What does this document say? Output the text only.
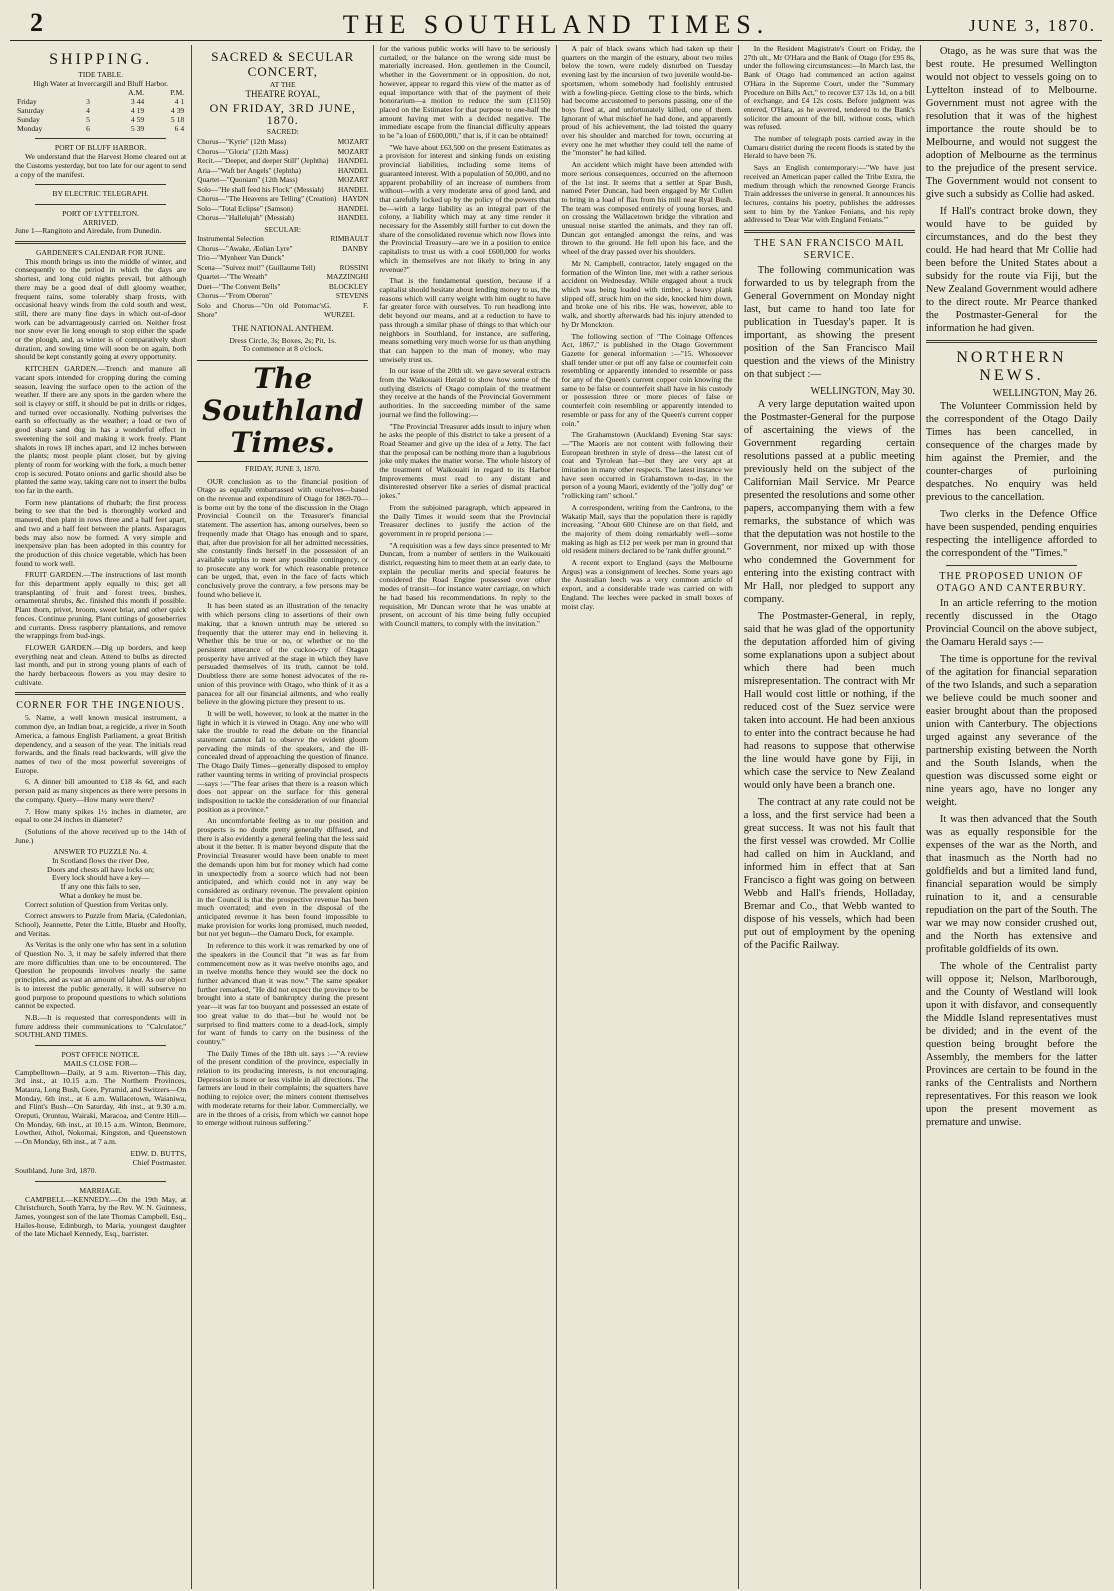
2	THE SOUTHLAND TIMES.	JUNE 3, 1870.
SHIPPING.
TIDE TABLE.
High Water at Invercargill and Bluff Harbor.
		A.M.	P.M.
Friday	3	3 44	4 1
Saturday	4	4 19	4 39
Sunday	5	4 59	5 18
Monday	6	5 39	6 4
PORT OF BLUFF HARBOR.

We understand that the Harvest Home cleared out at the Customs yesterday, but too late for our agent to send a copy of the manifest.

BY ELECTRIC TELEGRAPH.
PORT OF LYTTELTON.
ARRIVED.

June 1—Rangitoto and Airedale, from Dunedin.

GARDENER'S CALENDAR FOR JUNE.

This month brings us into the middle of winter, and consequently to the period in which the days are shortest, and long cold nights prevail, but although there may be a good deal of dull gloomy weather, frequent rains, some tolerably sharp frosts, with occasional heavy winds from the cold south and west, still, there are many fine days in which out-of-door work can be advantageously carried on. Neither frost nor snow ever lie long enough to stop either the spade or the plough, and, as winter is of comparatively short duration, and sowing time will soon be on again, both should be kept constantly going at every opportunity.

KITCHEN GARDEN.—Trench and manure all vacant spots intended for cropping during the coming season, leaving the surface open to the action of the weather. If there are any spots in the garden where the soil is clayey or stiff, it should be put in drills or ridges, and turned over occasionally. Nothing pulverises the earth so effectually as the weather; a load or two of good sharp sand dug in has a wonderful effect in sweetening the soil and making it work freely. Plant shalots in rows 18 inches apart, and 12 inches between the plants; most people plant closer, but by giving plenty of room for working with the fork, a much better crop is secured. Potato onions and garlic should also be planted the same way, taking care not to insert the bulbs too far in the earth.

Form new plantations of rhubarb; the first process being to see that the bed is thoroughly worked and manured, then plant in rows three and a half feet apart, and two and a half feet between the plants. Asparagus beds may also now be formed. A very simple and inexpensive plan has been adopted in this country for the production of this choice vegetable, which has been found to work well.

FRUIT GARDEN.—The instructions of last month for this department apply equally to this; get all transplanting of fruit and forest trees, bushes, ornamental shrubs, &c. finished this month if possible. Plant thorn, privet, broom, sweet briar, and other quick fences. Continue pruning. Plant cuttings of gooseberries and currants. Dress raspberry plantations, and remove the wrappings from bud-ings.

FLOWER GARDEN.—Dig up borders, and keep everything neat and clean. Attend to bulbs as directed last month, and put in strong young plants of each of the hardy herbaceous flowers as you may desire to cultivate.

CORNER FOR THE INGENIOUS.

5. Name, a well known musical instrument, a common dye, an Indian boat, a regicide, a river in South America, a famous English Parliament, a great British dependency, and a season of the year. The initials read forwards, and the finals read backwards, will give the names of two of the most powerful sovereigns of Europe.

6. A dinner bill amounted to £18 4s 6d, and each person paid as many sixpences as there were persons in the company. Query—How many were there?

7. How many spikes 1½ inches in diameter, are equal to one 24 inches in diameter?

(Solutions of the above received up to the 14th of June.)

ANSWER TO PUZZLE No. 4.
In Scotland flows the river Dee,
Doors and chests all have locks on;
Every lock should have a key—
If any one this fails to see,
What a donkey he must be.

Correct solution of Question from Veritas only.

Correct answers to Puzzle from Maria, (Caledonian, School), Jeannette, Peter the Little, Bluebr and Hoofly, and Veritas.

As Veritas is the only one who has sent in a solution of Question No. 3, it may be safely inferred that there are more difficulties than one to be encountered. The Question he propounds involves nearly the same principles, and as vast an amount of labor. As our object is to interest the public generally, it will subserve no good purpose to propound questions to which solutions cannot be expected.

N.B.—It is requested that correspondents will in future address their communications to "Calculator," SOUTHLAND TIMES.

POST OFFICE NOTICE.
MAILS CLOSE FOR—

Campbelltown—Daily, at 9 a.m. Riverton—This day, 3rd inst., at 10.15 a.m. The Northern Provinces, Mataura, Long Bush, Gore, Pyramid, and Switzers—On Monday, 6th inst., at 6 a.m. Wallacetown, Waianiwa, and Flint's Bush—On Saturday, 4th inst., at 9.30 a.m. Oreputi, Oruntuu, Wairaki, Maracoa, and Centre Hill—On Monday, 6th inst., at 10.15 a.m. Winton, Benmore, Lowther, Athol, Nokomai, Kingston, and Queenstown—On Monday, 6th inst., at 7 a.m.

EDW. D. BUTTS,
Chief Postmaster.

Southland, June 3rd, 1870.

MARRIAGE.

CAMPBELL—KENNEDY.—On the 19th May, at Christchurch, South Yarra, by the Rev. W. N. Guinness, James, youngest son of the late Thomas Campbell, Esq., Hailes-house, Edinburgh, to Maria, youngest daughter of the late Michael Kennedy, Esq., barrister.

SACRED & SECULAR CONCERT,
AT THE
THEATRE ROYAL,
ON FRIDAY, 3RD JUNE, 1870.
SACRED:
Chorus—"Kyrie" (12th Mass)	MOZART
Chorus—"Gloria" (12th Mass)	MOZART
Recit.—"Deeper, and deeper Still" (Jephtha) HANDEL
Aria—"Waft her Angels" (Jephtha)	HANDEL
Quartet—"Quoniam" (12th Mass)	MOZART
Solo—"He shall feed his Flock" (Messiah) HANDEL
Chorus—"The Heavens are Telling" (Creation) HAYDN
Solo—"Total Eclipse" (Samson)	HANDEL
Chorus—"Hallelujah" (Messiah)	HANDEL
SECULAR:
Instrumental Selection	RIMBAULT
Chorus—"Awake, Æolian Lyre"	DANBY
Trio—"Mynheer Van Dunck"
Scena—"Suivez moi!" (Guillaume Tell)	ROSSINI
Quartet—"The Wreath"	MAZZINGHI
Duet—"The Convent Bells"	BLOCKLEY
Chorus—"From Oberon"	STEVENS
Solo and Chorus—"On old Potomac's Shore"
G. F. WURZEL
THE NATIONAL ANTHEM.
Dress Circle, 3s; Boxes, 2s; Pit, 1s.
To commence at 8 o'clock.
The Southland Times.
FRIDAY, JUNE 3, 1870.

OUR conclusion as to the financial position of Otago as equally embarrassed with ourselves—based on the revenue and expenditure of Otago for 1869-70—is borne out by the tone of the discussion in the Otago Provincial Council on the Treasurer's financial statement. The assertion has, among ourselves, been so frequently made that Otago has enough and to spare, that, after due provision for all her admitted necessities, she constantly finds herself in the possession of an available surplus to meet any possible contingency, or to prosecute any work for which reasonable pretence can be urged, that, even in the face of facts which conclusively prove the contrary, a few persons may be found who believe it.

It has been stated as an illustration of the tenacity with which persons cling to assertions of their own making, that a known untruth may be uttered so frequently that the utterer may end in believing it. Whether this be true or no, or whether or no the persistent utterance of the cuckoo-cry of Otagan prosperity have arrived at the stage in which they have persuaded themselves of its truth, cannot be told. Doubtless there are some honest advocates of the re-union of this province with Otago, who think of it as a panacea for all our financial ailments, and who really believe in the glowing picture they present to us.

It will be well, however, to look at the matter in the light in which it is viewed in Otago. Any one who will take the trouble to read the debate on the financial statement cannot fail to observe the evident gloom pervading the minds of the speakers, and the ill-concealed dread of approaching the question of finance. The Otago Daily Times—generally disposed to employ rather vaunting terms in writing of provincial prospects—says :—"The fear arises that there is a reason which does not appear on the surface for this general indisposition to tackle the consideration of our financial position as a province."

An uncomfortable feeling as to our position and prospects is no doubt pretty generally diffused, and there is also evidently a general feeling that the less said about it the better. It is matter beyond dispute that the Provincial Treasurer would have been unable to meet the demands upon him but for money which had come in unexpectedly from a source which had not been anticipated, and which could not in any way be considered as ordinary revenue. The prevalent opinion in the Council is that the prospective revenue has been much overrated; and even in the disposal of the anticipated revenue it has been found impossible to make provision for works long promised, much needed, but not yet begun—the Oamaru Dock, for example.

In reference to this work it was remarked by one of the speakers in the Council that "it was as far from commencement now as it was twelve months ago, and in twelve months hence they would see the dock no further advanced than it was now." The same speaker further remarked, "He did not expect the province to be brought into a state of bankruptcy during the present year—it was far too buoyant and possessed an estate of too great value to do that—but he would not be surprised to find matters come to a dead-lock, simply for want of funds to carry on the business of the country."

The Daily Times of the 18th ult. says :—"A review of the present condition of the province, especially in relation to its producing interests, is not encouraging. Depression is more or less visible in all directions. The farmers are loud in their complaints; the squatters have nothing to rejoice over; the miners content themselves with moderate returns for their labor. Commercially, we are in the throes of a crisis, from which we cannot hope to emerge without ruinous suffering."

for the various public works will have to be seriously curtailed, or the balance on the wrong side must be materially increased. Hon. gentlemen in the Council, whether in the Government or in opposition, do not, however, appear to regard this view of the matter as of equal importance with that of the payment of their honorarium—a motion to reduce the sum (£1150) placed on the Estimates for that purpose to one-half the amount having met with a decided negative. The immediate escape from the financial difficulty appears to be "a loan of £600,000," that is, if it can be obtained!

"We have about £63,500 on the present Estimates as a provision for interest and sinking funds on existing provincial liabilities, including some items of guaranteed interest. With a population of 50,000, and no apparent probability of an increase of numbers from without—with a very moderate area of good land, and that carefully locked up by the policy of the powers that be—with a large liability as an integral part of the colony, a liability which may at any time render it necessary for the Assembly still further to cut down the share of the consolidated revenue which now flows into the Provincial Treasury—are we in a position to entice capitalists to trust us with a cool £600,000 for works which in themselves are not likely to bring in any revenue?"

That is the fundamental question, because if a capitalist should hesitate about lending money to us, the reasons which will carry weight with him ought to have far greater force with ourselves. To run headlong into debt beyond our means, and at a reduction to have to pass through a similar phase of things to that which our neighbors in Southland, for instance, are suffering, means something very much worse for us than anything that can happen to the man of money, who may unwisely trust us.

In our issue of the 20th ult. we gave several extracts from the Waikouaiti Herald to show how some of the outlying districts of Otago complain of the treatment they receive at the hands of the Provincial Government authorities. In the succeeding number of the same journal we find the following:—

"The Provincial Treasurer adds insult to injury when he asks the people of this district to take a present of a Road Steamer and give up the idea of a Jetty. The fact that the proposal can be nothing more than a lugubrious joke only makes the matter worse. The whole history of the treatment of Waikouaiti in regard to its Harbor Improvements must read to any distant and disinterested observer like a series of dismal practical jokes."

From the subjoined paragraph, which appeared in the Daily Times it would seem that the Provincial Treasurer declines to justify the action of the government in re proprid persona :—

"A requisition was a few days since presented to Mr Duncan, from a number of settlers in the Waikouaiti district, requesting him to meet them at an early date, to explain the peculiar merits and special features he considered the Road Engine possessed over other modes of transit—for instance water carriage, on which he had based his recommendations. In reply to the requisition, Mr Duncan wrote that he was unable at present, on account of his time being fully occupied with Council matters, to comply with the invitation."

A pair of black swans which had taken up their quarters on the margin of the estuary, about two miles below the town, were rudely disturbed on Tuesday evening last by the incursion of two juvenile would-be-sportsmen, whom somebody had foolishly entrusted with a fowling-piece. Getting close to the birds, which had become accustomed to persons passing, one of the boys fired at, and unfortunately killed, one of them. Ignorant of what mischief he had done, and apparently proud of his achievement, the lad toisted the quarry over his shoulder and marched for town, occurring at every one he met whether they could tell the name of the "monster" he had killed.

An accident which might have been attended with more serious consequences, occurred on the afternoon of the 1st inst. It seems that a settler at Spar Bush, named Peter Duncan, had been engaged by Mr Cullen to bring in a load of flax from his mill near Ryal Bush. The team was composed entirely of young horses, and on crossing the Wallacetown bridge the vibration and unusual noise startled the animals, and they ran off. Duncan got entangled amongst the reins, and was thrown to the ground. He fell upon his face, and the wheel of the dray passed over his shoulders.

Mr N. Campbell, contractor, lately engaged on the formation of the Winton line, met with a rather serious accident on Wednesday. While engaged about a truck which was being loaded with timber, a heavy plank slipped off, struck him on the side, knocked him down, and broke one of his ribs. He was, however, able to walk, and shortly afterwards had his injury attended to by Dr Monckton.

The following section of "The Coinage Offences Act, 1867," is published in the Otago Government Gazette for general information :—"15. Whosoever shall tender utter or put off any false or counterfeit coin resembling or apparently intended to resemble or pass for any of the Queen's current copper coin knowing the same to be false or counterfeit shall have in his custody or possession three or more pieces of false or counterfeit coin resembling or apparently intended to resemble or pass for any of the Queen's current copper coin."

The Grahamstown (Auckland) Evening Star says:—"The Maoris are not content with following their European brethren in style of dress—the latest cut of coat and Tyrolean hat—but they are very apt at imitation in many other respects. The latest instance we have seen occurred in Grahamstown to-day, in the person of a young Maori, evidently of the "jolly dog" or "rollicking ram" school."

A correspondent, writing from the Cardrona, to the Wakatip Mail, says that the population there is rapidly increasing. "About 600 Chinese are on that field, and the majority of them doing remarkably well—some making as high as £12 per week per man in ground that old resident miners declared to be 'rank duffer ground.'"

A recent export to England (says the Melbourne Argus) was a consignment of leeches. Some years ago the Australian leech was a very common article of export, and a considerable trade was carried on with England. The leeches were packed in small boxes of moist clay.

In the Resident Magistrate's Court on Friday, the 27th ult., Mr O'Hara and the Bank of Otago (for £95 8s, under the following circumstances:—In March last, the Bank of Otago had commenced an action against O'Hara in the Supreme Court, under the "Summary Procedure on Bills Act," to recover £37 13s 1d, on a bill of exchange, and £4 12s costs. Before judgment was entered, O'Hara, as he averred, tendered to the Bank's solicitor the amount of the bill, without costs, which was refused.

The number of telegraph posts carried away in the Oamaru district during the recent floods is stated by the Herald to have been 76.

Says an English contemporary:—"We have just received an American paper called the Tribe Extra, the medium through which the renowned George Francis Train addresses the universe in general. It announces his lectures, contains his poetry, publishes the addresses sent to him by the Yankee Fenians, and his reply addressed to 'Dear War with England Fenians.'"

THE SAN FRANCISCO MAIL SERVICE.

The following communication was forwarded to us by telegraph from the General Government on Monday night last, but came to hand too late for publication in Tuesday's paper. It is important, as showing the present position of the San Francisco Mail question and the views of the Ministry on that subject :—

WELLINGTON, May 30.

A very large deputation waited upon the Postmaster-General for the purpose of ascertaining the views of the Government regarding certain resolutions passed at a public meeting previously held on the subject of the Californian Mail Service. Mr Pearce presented the resolutions and some other papers, accompanying them with a few remarks, the substance of which was that the deputation was not hostile to the Government, nor mixed up with those who condemned the Government for entering into the existing contract with Mr Hall, nor pledged to support any company.

The Postmaster-General, in reply, said that he was glad of the opportunity the deputation afforded him of giving some explanations upon a subject about which there had been much misrepresentation. The contract with Mr Hall would cost little or nothing, if the reduced cost of the Suez service were taken into account. He had been anxious to enter into the contract because he had had reasons to suppose that otherwise the line would have gone by Fiji, in which case the service to New Zealand would only have been a branch one.

The contract at any rate could not be a loss, and the first service had been a great success. It was not his fault that the first vessel was crowded. Mr Collie had called on him in Auckland, and informed him in effect that at San Francisco a fight was going on between Webb and Hall's friends, Holladay, Bremar and Co., that Webb wanted to dispose of his vessels, which had been put out of employment by the opening of the Pacific Railway.

Otago, as he was sure that was the best route. He presumed Wellington would not object to vessels going on to Lyttelton instead of to Melbourne. Government must not agree with the resolution that it was of the highest importance the route should be to Melbourne, and would not suggest the adoption of Melbourne as the terminus to the prejudice of the present service. The Government would not consent to give such a subsidy as Collie had asked.

If Hall's contract broke down, they would have to be guided by circumstances, and do the best they could. He had heard that Mr Collie had been before the United States about a subsidy for the route via Fiji, but the New Zealand Government would adhere to the direct route. Mr Pearce thanked the Postmaster-General for the information he had given.

NORTHERN NEWS.
WELLINGTON, May 26.

The Volunteer Commission held by the correspondent of the Otago Daily Times has been cancelled, in consequence of the charges made by him against the Premier, and the counter-charges of purloining despatches. No enquiry was held previous to the cancellation.

Two clerks in the Defence Office have been suspended, pending enquiries respecting the intelligence afforded to the correspondent of the "Times."

THE PROPOSED UNION OF OTAGO AND CANTERBURY.

In an article referring to the motion recently discussed in the Otago Provincial Council on the above subject, the Oamaru Herald says :—

The time is opportune for the revival of the agitation for financial separation of the two Islands, and such a separation we believe could be much sooner and easier brought about than the proposed union with Canterbury. The objections urged against any severance of the partnership existing between the North and the South Islands, when the question was discussed some eight or nine years ago, have no longer any weight.

It was then advanced that the South was as equally responsible for the expenses of the war as the North, and that inasmuch as the North had no goldfields and but a limited land fund, financial separation would be simply ruination to it, and a censurable repudiation on the part of the South. The war we may now consider crushed out, and the North has extensive and profitable goldfields of its own.

The whole of the Centralist party will oppose it; Nelson, Marlborough, and the County of Westland will look upon it with disfavor, and consequently the Middle Island representatives must be divided; and in the event of the question being brought before the Assembly, the members for the latter Provinces are certain to be found in the ranks of the Centralists and Northern representatives. For this reason we look upon the present movement as premature and unwise.
